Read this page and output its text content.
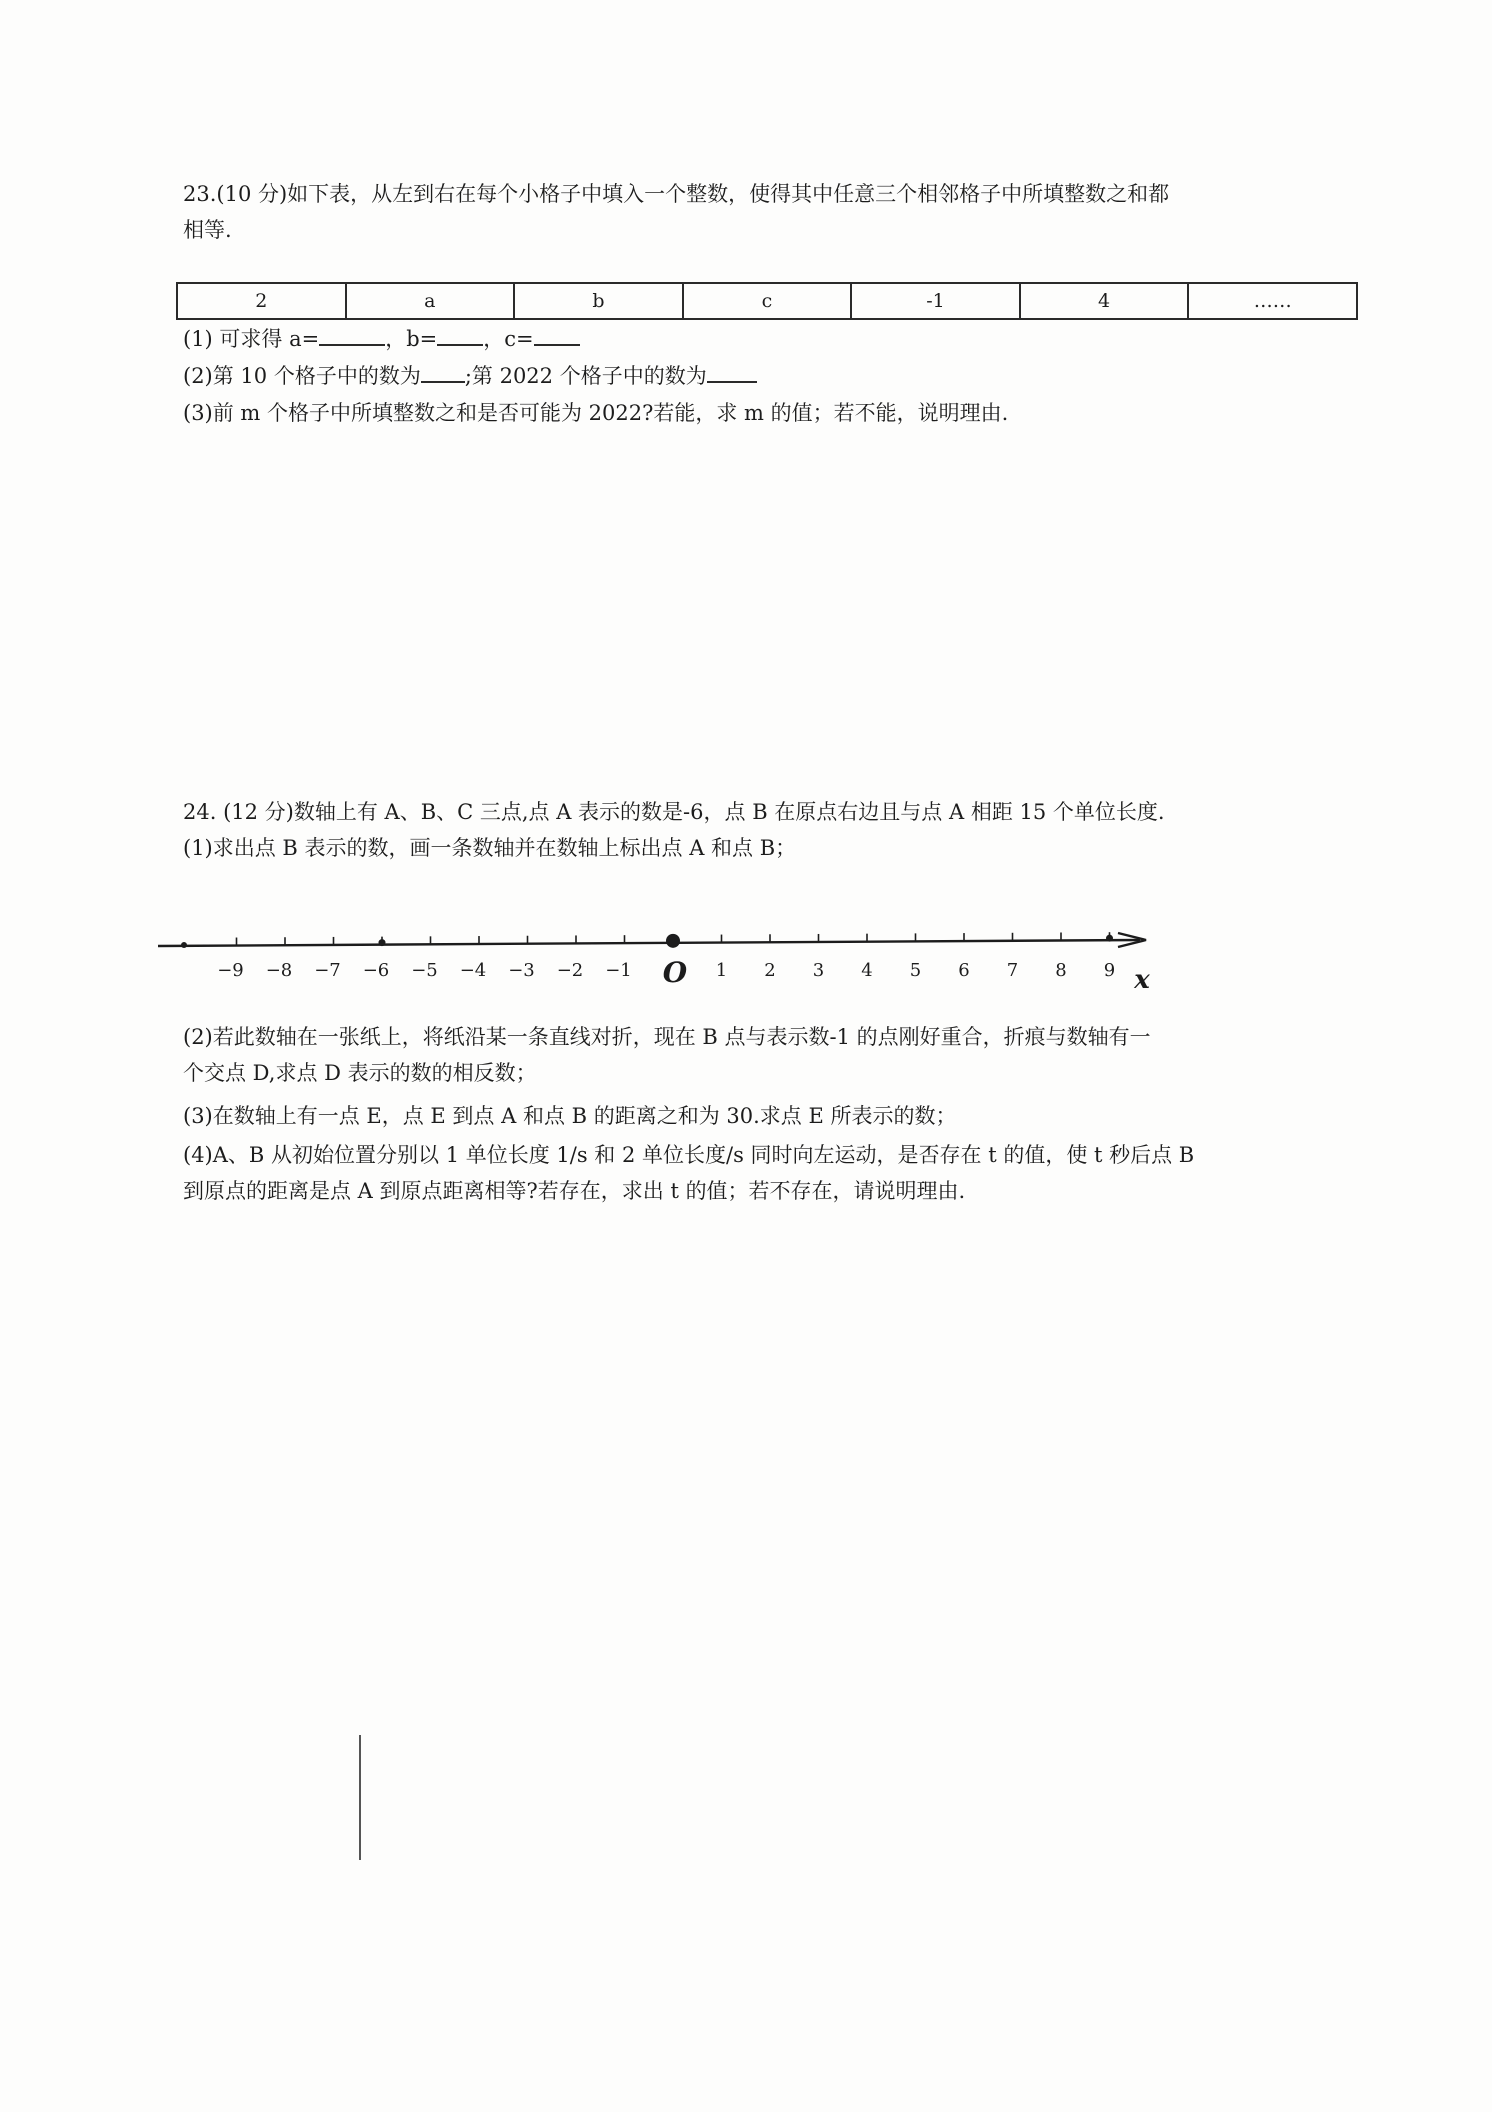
23.(10 分)如下表，从左到右在每个小格子中填入一个整数，使得其中任意三个相邻格子中所填整数之和都
相等.
2	a	b	c	-1	4	……
(1) 可求得 a=	，b= ，c=
(2)第 10 个格子中的数为 ;第 2022 个格子中的数为
(3)前 m 个格子中所填整数之和是否可能为 2022?若能，求 m 的值；若不能，说明理由.
24. (12 分)数轴上有 A、B、C 三点,点 A 表示的数是-6，点 B 在原点右边且与点 A 相距 15 个单位长度.
(1)求出点 B 表示的数，画一条数轴并在数轴上标出点 A 和点 B；
−9 −8 −7 −6 −5 −4 −3 −2 −1	1 2 3 4 5 6 7 8 9
O	x
(2)若此数轴在一张纸上，将纸沿某一条直线对折，现在 B 点与表示数-1 的点刚好重合，折痕与数轴有一
个交点 D,求点 D 表示的数的相反数；
(3)在数轴上有一点 E，点 E 到点 A 和点 B 的距离之和为 30.求点 E 所表示的数；
(4)A、B 从初始位置分别以 1 单位长度 1/s 和 2 单位长度/s 同时向左运动，是否存在 t 的值，使 t 秒后点 B
到原点的距离是点 A 到原点距离相等?若存在，求出 t 的值；若不存在，请说明理由.
